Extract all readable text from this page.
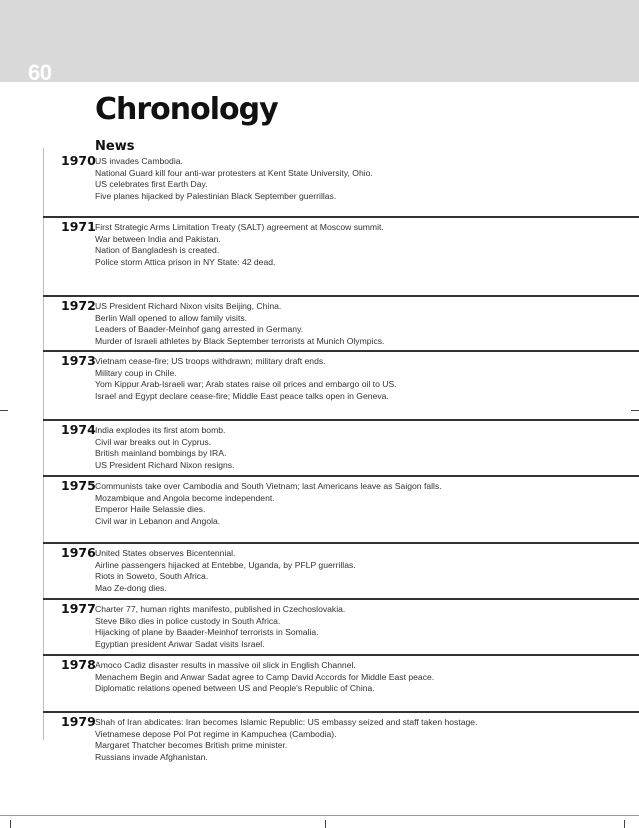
60
Chronology
News
1970 US invades Cambodia.
National Guard kill four anti-war protesters at Kent State University, Ohio.
US celebrates first Earth Day.
Five planes hijacked by Palestinian Black September guerrillas.
1971 First Strategic Arms Limitation Treaty (SALT) agreement at Moscow summit.
War between India and Pakistan.
Nation of Bangladesh is created.
Police storm Attica prison in NY State: 42 dead.
1972 US President Richard Nixon visits Beijing, China.
Berlin Wall opened to allow family visits.
Leaders of Baader-Meinhof gang arrested in Germany.
Murder of Israeli athletes by Black September terrorists at Munich Olympics.
1973 Vietnam cease-fire; US troops withdrawn; military draft ends.
Military coup in Chile.
Yom Kippur Arab-Israeli war; Arab states raise oil prices and embargo oil to US.
Israel and Egypt declare cease-fire; Middle East peace talks open in Geneva.
1974 India explodes its first atom bomb.
Civil war breaks out in Cyprus.
British mainland bombings by IRA.
US President Richard Nixon resigns.
1975 Communists take over Cambodia and South Vietnam; last Americans leave as Saigon falls.
Mozambique and Angola become independent.
Emperor Haile Selassie dies.
Civil war in Lebanon and Angola.
1976 United States observes Bicentennial.
Airline passengers hijacked at Entebbe, Uganda, by PFLP guerrillas.
Riots in Soweto, South Africa.
Mao Ze-dong dies.
1977 Charter 77, human rights manifesto, published in Czechoslovakia.
Steve Biko dies in police custody in South Africa.
Hijacking of plane by Baader-Meinhof terrorists in Somalia.
Egyptian president Anwar Sadat visits Israel.
1978 Amoco Cadiz disaster results in massive oil slick in English Channel.
Menachem Begin and Anwar Sadat agree to Camp David Accords for Middle East peace.
Diplomatic relations opened between US and People's Republic of China.
1979 Shah of Iran abdicates: Iran becomes Islamic Republic: US embassy seized and staff taken hostage.
Vietnamese depose Pol Pot regime in Kampuchea (Cambodia).
Margaret Thatcher becomes British prime minister.
Russians invade Afghanistan.
